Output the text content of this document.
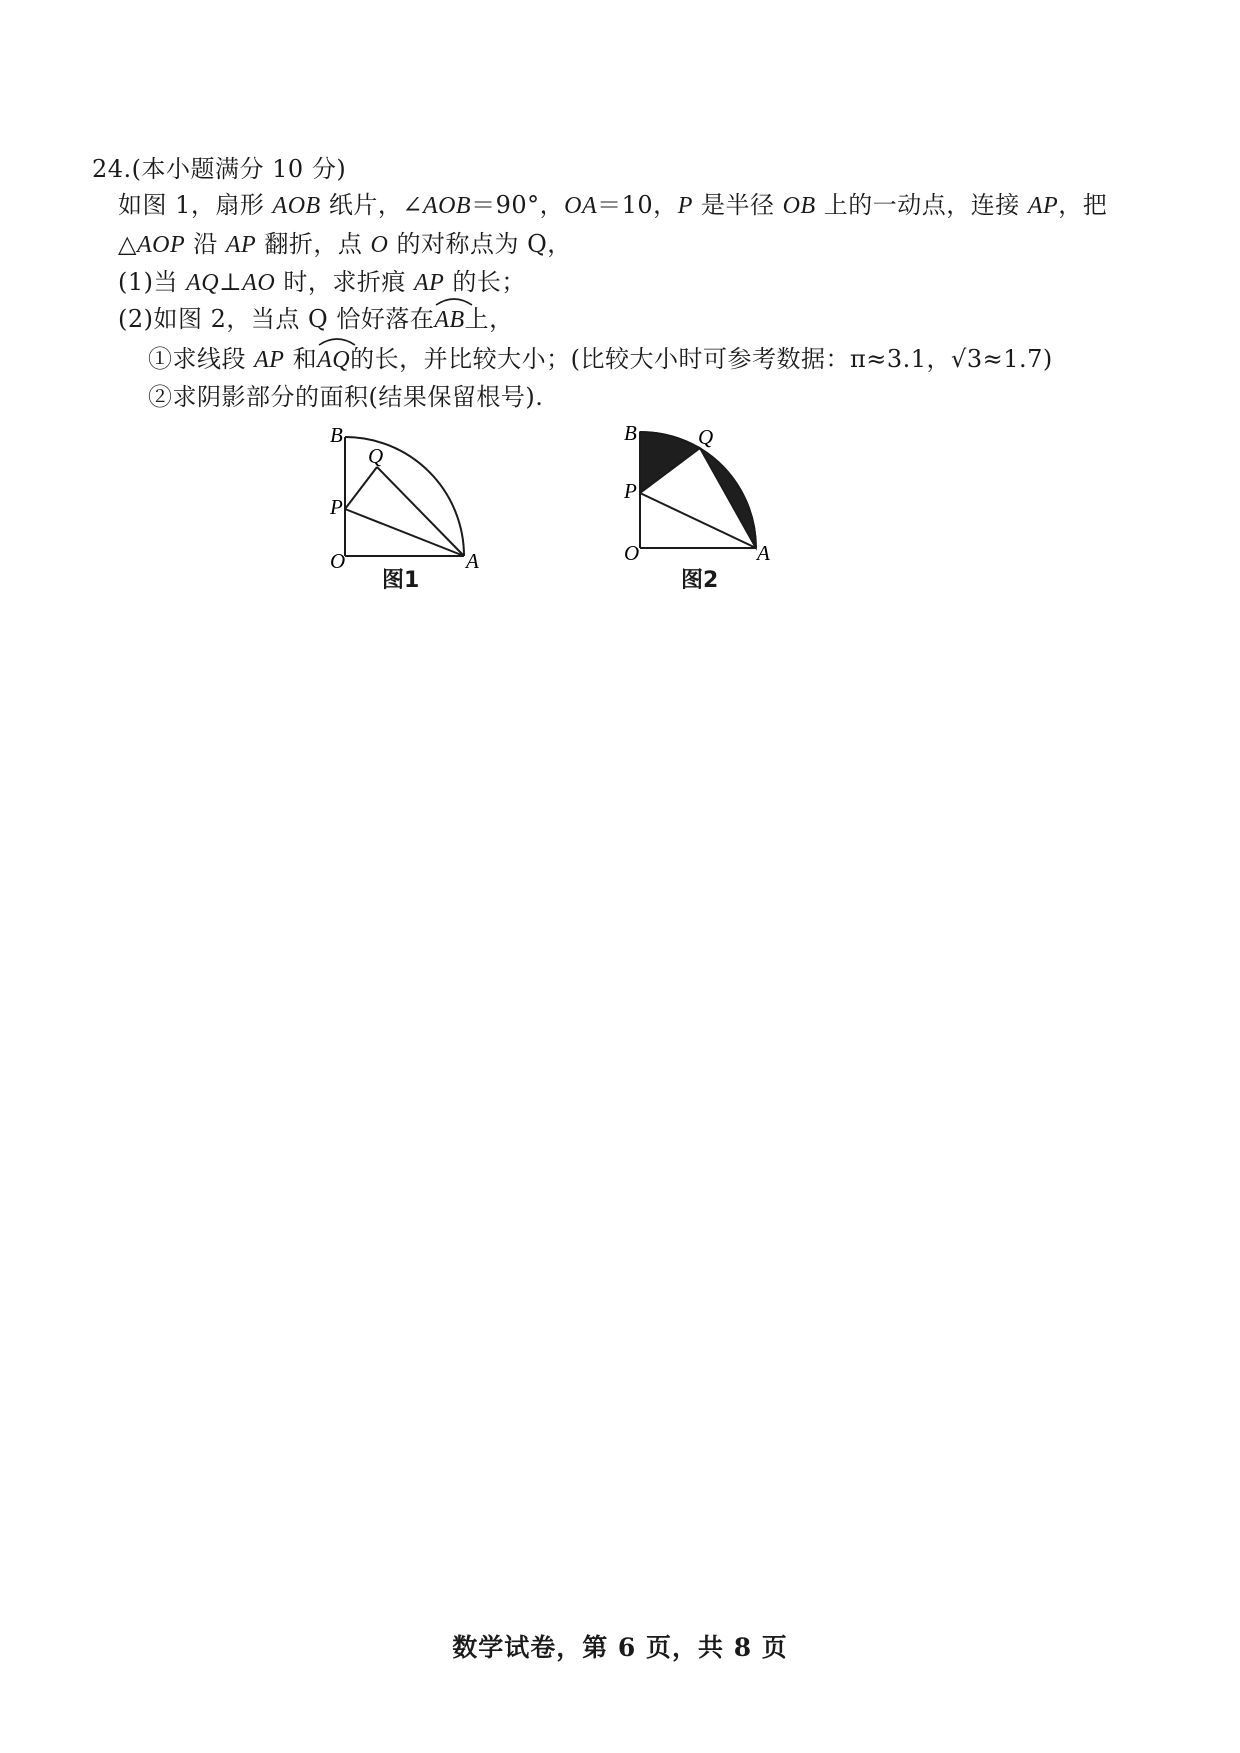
24.(本小题满分 10 分)
如图 1，扇形 AOB 纸片，∠AOB＝90°，OA＝10，P 是半径 OB 上的一动点，连接 AP，把
△AOP 沿 AP 翻折，点 O 的对称点为 Q，
(1)当 AQ⊥AO 时，求折痕 AP 的长；
(2)如图 2，当点 Q 恰好落在
AB上，
①求线段 AP 和
AQ的长，并比较大小；(比较大小时可参考数据：π≈3.1，√3≈1.7)
②求阴影部分的面积(结果保留根号).
B
Q
P
O	A
图1
B	Q
P
O	A
图2
数学试卷，第 6 页，共 8 页
